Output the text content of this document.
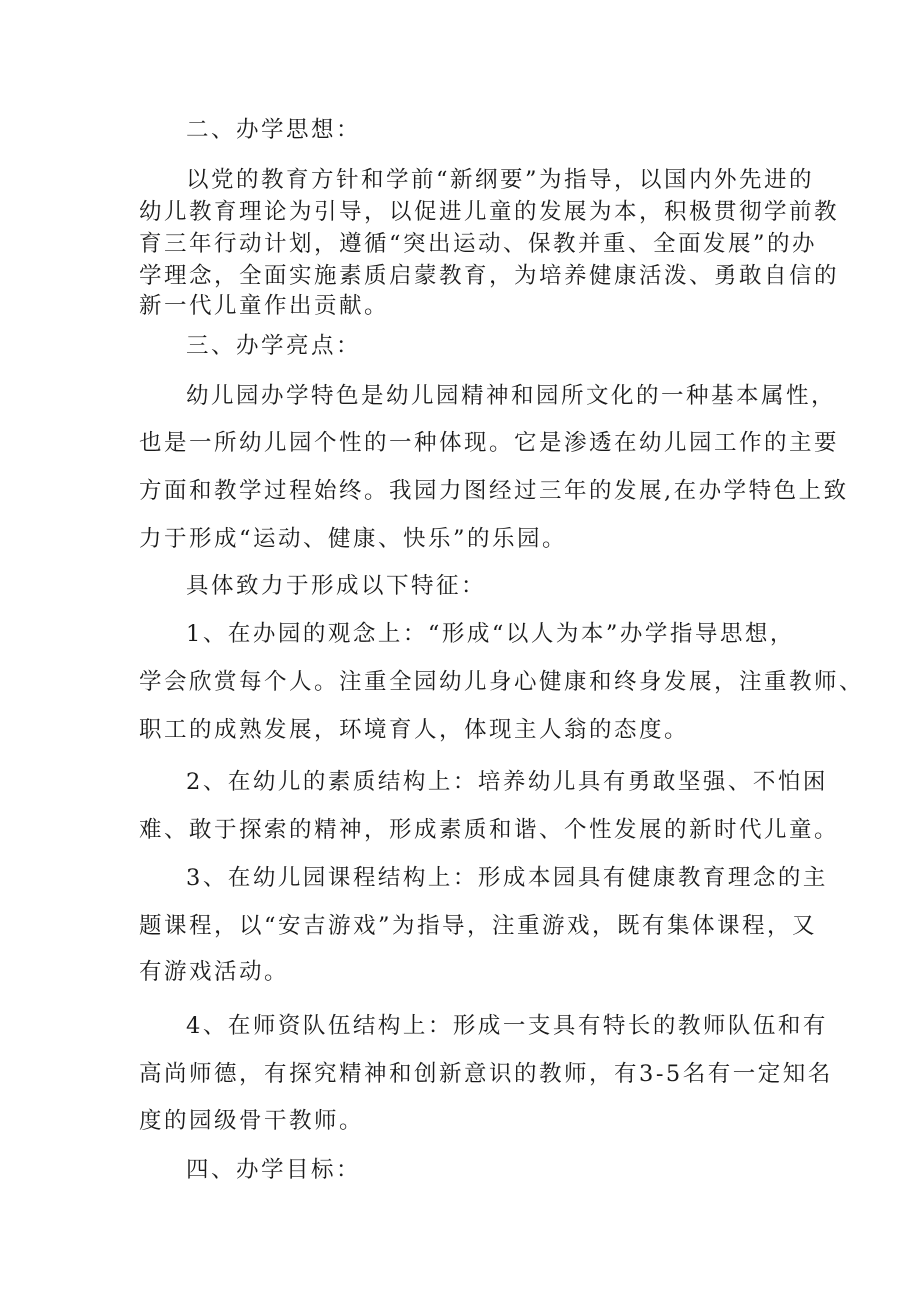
二、办学思想：

以党的教育方针和学前“新纲要”为指导，以国内外先进的

幼儿教育理论为引导，以促进儿童的发展为本，积极贯彻学前教

育三年行动计划，遵循“突出运动、保教并重、全面发展”的办

学理念，全面实施素质启蒙教育，为培养健康活泼、勇敢自信的

新一代儿童作出贡献。

三、办学亮点：

幼儿园办学特色是幼儿园精神和园所文化的一种基本属性，

也是一所幼儿园个性的一种体现。它是渗透在幼儿园工作的主要

方面和教学过程始终。我园力图经过三年的发展,在办学特色上致

力于形成“运动、健康、快乐”的乐园。

具体致力于形成以下特征：

1、在办园的观念上：“形成“以人为本”办学指导思想，

学会欣赏每个人。注重全园幼儿身心健康和终身发展，注重教师、

职工的成熟发展，环境育人，体现主人翁的态度。

2、在幼儿的素质结构上：培养幼儿具有勇敢坚强、不怕困

难、敢于探索的精神，形成素质和谐、个性发展的新时代儿童。

3、在幼儿园课程结构上：形成本园具有健康教育理念的主

题课程，以“安吉游戏”为指导，注重游戏，既有集体课程，又

有游戏活动。

4、在师资队伍结构上：形成一支具有特长的教师队伍和有

高尚师德，有探究精神和创新意识的教师，有3-5名有一定知名

度的园级骨干教师。

四、办学目标：
